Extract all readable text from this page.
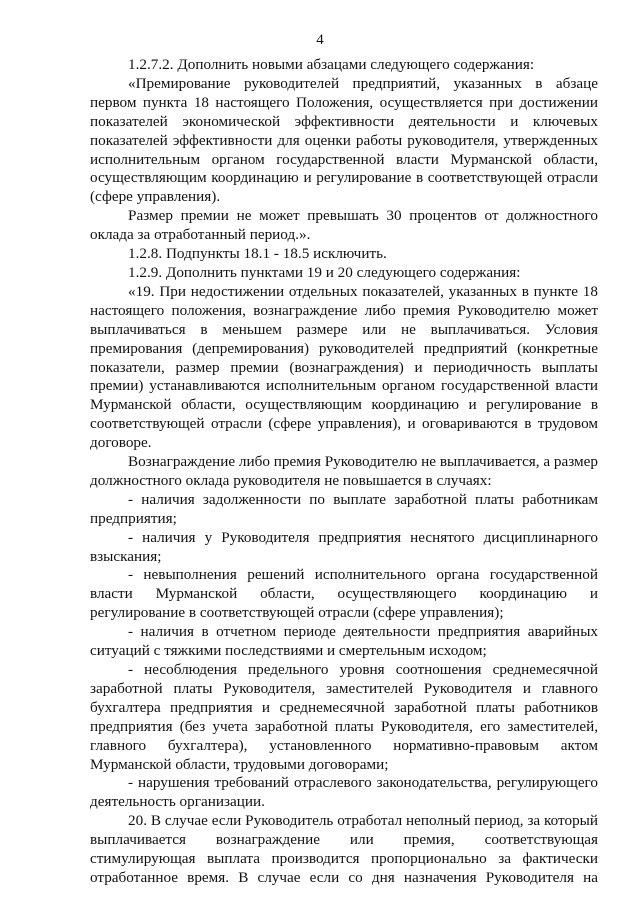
4

1.2.7.2. Дополнить новыми абзацами следующего содержания:

«Премирование руководителей предприятий, указанных в абзаце первом пункта 18 настоящего Положения, осуществляется при достижении показателей экономической эффективности деятельности и ключевых показателей эффективности для оценки работы руководителя, утвержденных исполнительным органом государственной власти Мурманской области, осуществляющим координацию и регулирование в соответствующей отрасли (сфере управления).

Размер премии не может превышать 30 процентов от должностного оклада за отработанный период.».

1.2.8. Подпункты 18.1 - 18.5 исключить.

1.2.9. Дополнить пунктами 19 и 20 следующего содержания:

«19. При недостижении отдельных показателей, указанных в пункте 18 настоящего положения, вознаграждение либо премия Руководителю может выплачиваться в меньшем размере или не выплачиваться. Условия премирования (депремирования) руководителей предприятий (конкретные показатели, размер премии (вознаграждения) и периодичность выплаты премии) устанавливаются исполнительным органом государственной власти Мурманской области, осуществляющим координацию и регулирование в соответствующей отрасли (сфере управления), и оговариваются в трудовом договоре.

Вознаграждение либо премия Руководителю не выплачивается, а размер должностного оклада руководителя не повышается в случаях:

- наличия задолженности по выплате заработной платы работникам предприятия;

- наличия у Руководителя предприятия неснятого дисциплинарного взыскания;

- невыполнения решений исполнительного органа государственной власти Мурманской области, осуществляющего координацию и регулирование в соответствующей отрасли (сфере управления);

- наличия в отчетном периоде деятельности предприятия аварийных ситуаций с тяжкими последствиями и смертельным исходом;

- несоблюдения предельного уровня соотношения среднемесячной заработной платы Руководителя, заместителей Руководителя и главного бухгалтера предприятия и среднемесячной заработной платы работников предприятия (без учета заработной платы Руководителя, его заместителей, главного бухгалтера), установленного нормативно-правовым актом Мурманской области, трудовыми договорами;

- нарушения требований отраслевого законодательства, регулирующего деятельность организации.

20. В случае если Руководитель отработал неполный период, за который выплачивается вознаграждение или премия, соответствующая стимулирующая выплата производится пропорционально за фактически отработанное время. В случае если со дня назначения Руководителя на
